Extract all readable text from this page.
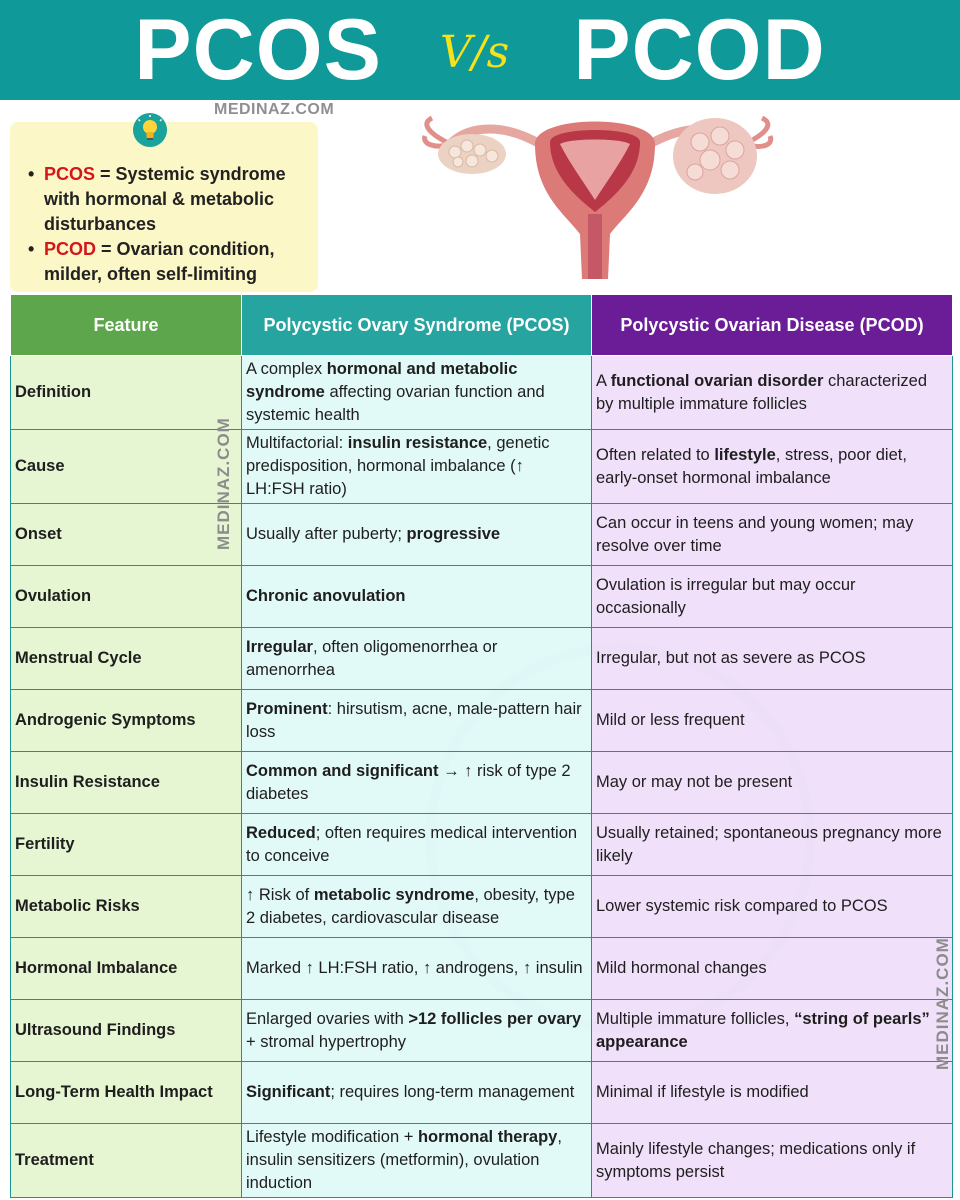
PCOS V/s PCOD
MEDINAZ.COM
• PCOS = Systemic syndrome with hormonal & metabolic disturbances
• PCOD = Ovarian condition, milder, often self-limiting
Feature	Polycystic Ovary Syndrome (PCOS)	Polycystic Ovarian Disease (PCOD)
Definition	A complex hormonal and metabolic syndrome affecting ovarian function and systemic health	A functional ovarian disorder characterized by multiple immature follicles
Cause	Multifactorial: insulin resistance, genetic predisposition, hormonal imbalance (↑ LH:FSH ratio)	Often related to lifestyle, stress, poor diet, early-onset hormonal imbalance
Onset	Usually after puberty; progressive	Can occur in teens and young women; may resolve over time
Ovulation	Chronic anovulation	Ovulation is irregular but may occur occasionally
Menstrual Cycle	Irregular, often oligomenorrhea or amenorrhea	Irregular, but not as severe as PCOS
Androgenic Symptoms	Prominent: hirsutism, acne, male-pattern hair loss	Mild or less frequent
Insulin Resistance	Common and significant → ↑ risk of type 2 diabetes	May or may not be present
Fertility	Reduced; often requires medical intervention to conceive	Usually retained; spontaneous pregnancy more likely
Metabolic Risks	↑ Risk of metabolic syndrome, obesity, type 2 diabetes, cardiovascular disease	Lower systemic risk compared to PCOS
Hormonal Imbalance	Marked ↑ LH:FSH ratio, ↑ androgens, ↑ insulin	Mild hormonal changes
Ultrasound Findings	Enlarged ovaries with >12 follicles per ovary + stromal hypertrophy	Multiple immature follicles, “string of pearls” appearance
Long-Term Health Impact	Significant; requires long-term management	Minimal if lifestyle is modified
Treatment	Lifestyle modification + hormonal therapy, insulin sensitizers (metformin), ovulation induction	Mainly lifestyle changes; medications only if symptoms persist
MEDINAZ.COM
MEDINAZ.COM
